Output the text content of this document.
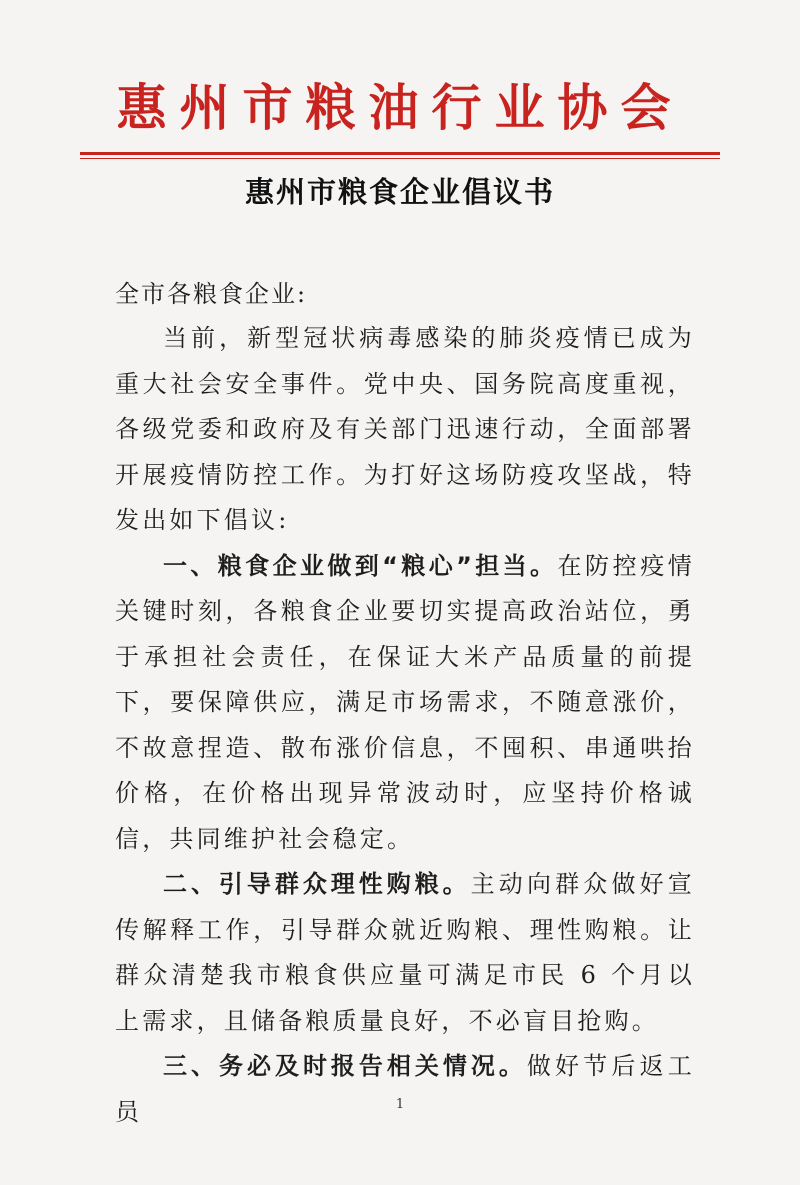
惠州市粮油行业协会
惠州市粮食企业倡议书
全市各粮食企业:

当前，新型冠状病毒感染的肺炎疫情已成为重大社会安全事件。党中央、国务院高度重视，各级党委和政府及有关部门迅速行动，全面部署开展疫情防控工作。为打好这场防疫攻坚战，特发出如下倡议:

一、粮食企业做到“粮心”担当。在防控疫情关键时刻，各粮食企业要切实提高政治站位，勇于承担社会责任，在保证大米产品质量的前提下，要保障供应，满足市场需求，不随意涨价，不故意捏造、散布涨价信息，不囤积、串通哄抬价格，在价格出现异常波动时，应坚持价格诚信，共同维护社会稳定。

二、引导群众理性购粮。主动向群众做好宣传解释工作，引导群众就近购粮、理性购粮。让群众清楚我市粮食供应量可满足市民 6 个月以上需求，且储备粮质量良好，不必盲目抢购。

三、务必及时报告相关情况。做好节后返工员	1
